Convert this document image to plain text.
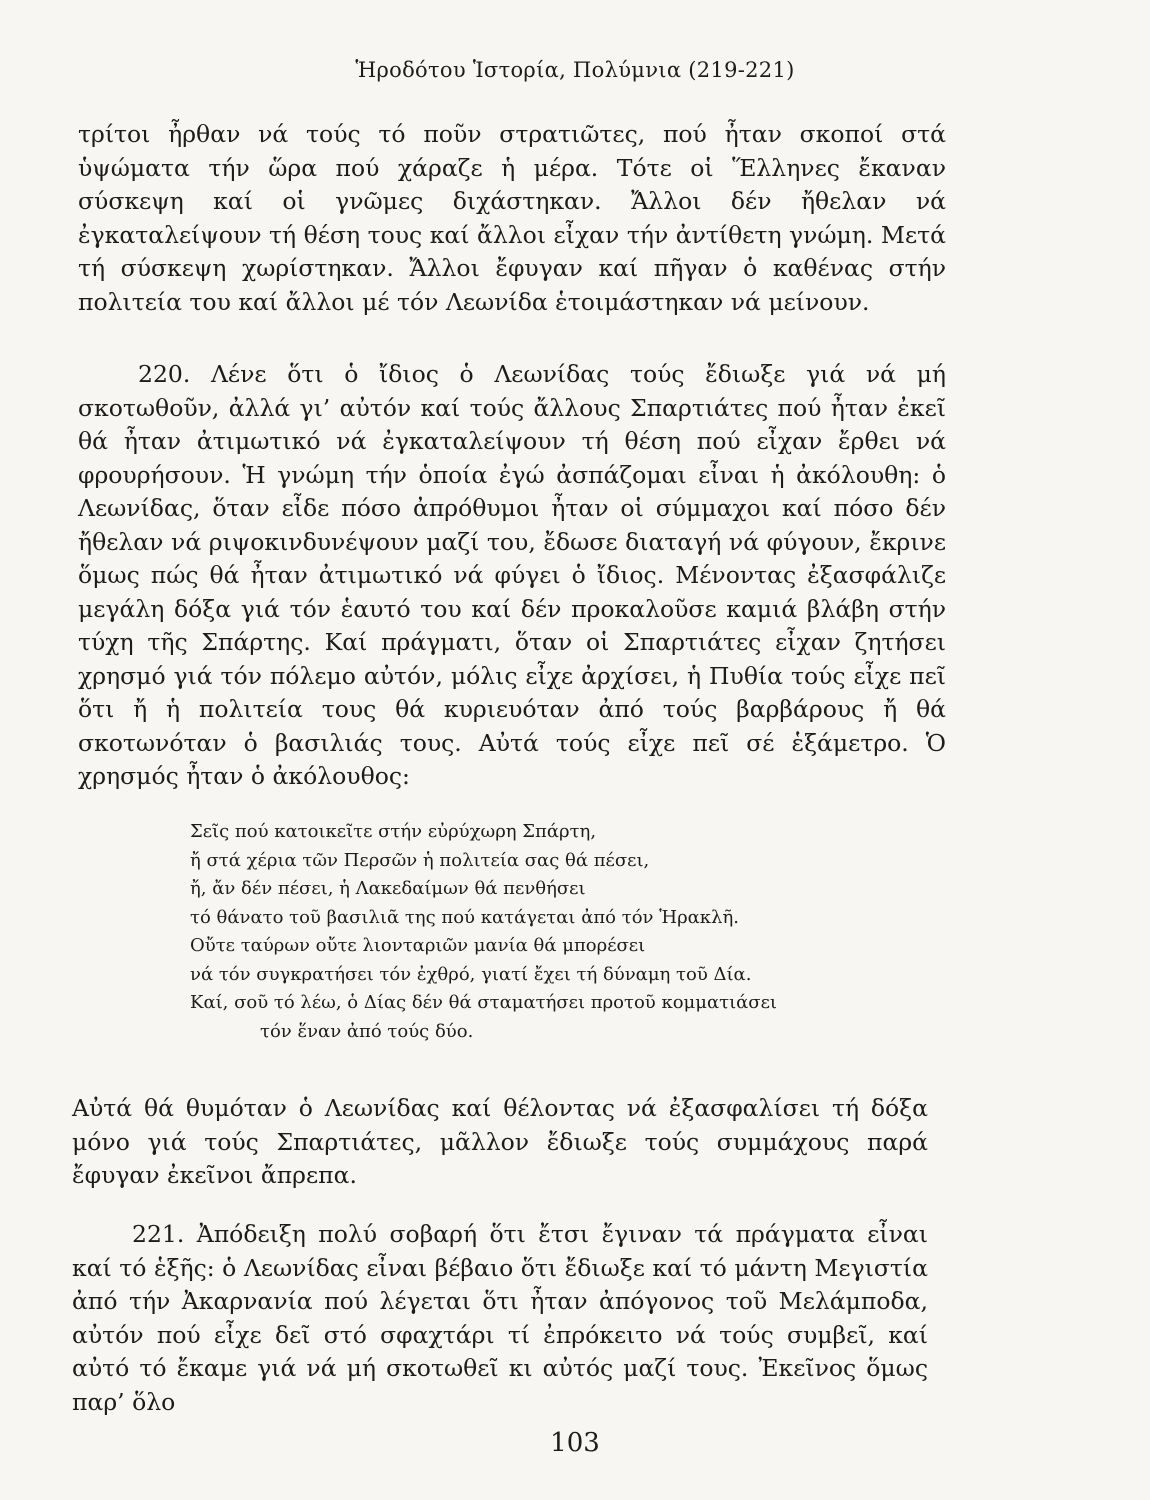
Ἡροδότου Ἱστορία, Πολύμνια (219-221)

τρίτοι ἦρθαν νά τούς τό ποῦν στρατιῶτες, πού ἦταν σκοποί στά ὑψώματα τήν ὥρα πού χάραζε ἡ μέρα. Τότε οἱ Ἕλληνες ἔκαναν σύσκεψη καί οἱ γνῶμες διχάστηκαν. Ἄλλοι δέν ἤθελαν νά ἐγκαταλείψουν τή θέση τους καί ἄλλοι εἶχαν τήν ἀντίθετη γνώμη. Μετά τή σύσκεψη χωρίστηκαν. Ἄλλοι ἔφυγαν καί πῆγαν ὁ καθένας στήν πολιτεία του καί ἄλλοι μέ τόν Λεωνίδα ἑτοιμάστηκαν νά μείνουν.

220. Λένε ὅτι ὁ ἴδιος ὁ Λεωνίδας τούς ἔδιωξε γιά νά μή σκοτωθοῦν, ἀλλά γι’ αὐτόν καί τούς ἄλλους Σπαρτιάτες πού ἦταν ἐκεῖ θά ἦταν ἀτιμωτικό νά ἐγκαταλείψουν τή θέση πού εἶχαν ἔρθει νά φρουρήσουν. Ἡ γνώμη τήν ὁποία ἐγώ ἀσπάζομαι εἶναι ἡ ἀκόλουθη: ὁ Λεωνίδας, ὅταν εἶδε πόσο ἀπρόθυμοι ἦταν οἱ σύμμαχοι καί πόσο δέν ἤθελαν νά ριψοκινδυνέψουν μαζί του, ἔδωσε διαταγή νά φύγουν, ἔκρινε ὅμως πώς θά ἦταν ἀτιμωτικό νά φύγει ὁ ἴδιος. Μένοντας ἐξασφάλιζε μεγάλη δόξα γιά τόν ἑαυτό του καί δέν προκαλοῦσε καμιά βλάβη στήν τύχη τῆς Σπάρτης. Καί πράγματι, ὅταν οἱ Σπαρτιάτες εἶχαν ζητήσει χρησμό γιά τόν πόλεμο αὐτόν, μόλις εἶχε ἀρχίσει, ἡ Πυθία τούς εἶχε πεῖ ὅτι ἤ ἡ πολιτεία τους θά κυριευόταν ἀπό τούς βαρβάρους ἤ θά σκοτωνόταν ὁ βασιλιάς τους. Αὐτά τούς εἶχε πεῖ σέ ἑξάμετρο. Ὁ χρησμός ἦταν ὁ ἀκόλουθος:

Σεῖς πού κατοικεῖτε στήν εὐρύχωρη Σπάρτη,
ἤ στά χέρια τῶν Περσῶν ἡ πολιτεία σας θά πέσει,
ἤ, ἄν δέν πέσει, ἡ Λακεδαίμων θά πενθήσει
τό θάνατο τοῦ βασιλιᾶ της πού κατάγεται ἀπό τόν Ἡρακλῆ.
Οὔτε ταύρων οὔτε λιονταριῶν μανία θά μπορέσει
νά τόν συγκρατήσει τόν ἐχθρό, γιατί ἔχει τή δύναμη τοῦ Δία.
Καί, σοῦ τό λέω, ὁ Δίας δέν θά σταματήσει προτοῦ κομματιάσει
τόν ἕναν ἀπό τούς δύο.

Αὐτά θά θυμόταν ὁ Λεωνίδας καί θέλοντας νά ἐξασφαλίσει τή δόξα μόνο γιά τούς Σπαρτιάτες, μᾶλλον ἔδιωξε τούς συμμάχους παρά ἔφυγαν ἐκεῖνοι ἄπρεπα.

221. Ἀπόδειξη πολύ σοβαρή ὅτι ἔτσι ἔγιναν τά πράγματα εἶναι καί τό ἑξῆς: ὁ Λεωνίδας εἶναι βέβαιο ὅτι ἔδιωξε καί τό μάντη Μεγιστία ἀπό τήν Ἀκαρνανία πού λέγεται ὅτι ἦταν ἀπόγονος τοῦ Μελάμποδα, αὐτόν πού εἶχε δεῖ στό σφαχτάρι τί ἐπρόκειτο νά τούς συμβεῖ, καί αὐτό τό ἔκαμε γιά νά μή σκοτωθεῖ κι αὐτός μαζί τους. Ἐκεῖνος ὅμως παρ’ ὅλο

103
